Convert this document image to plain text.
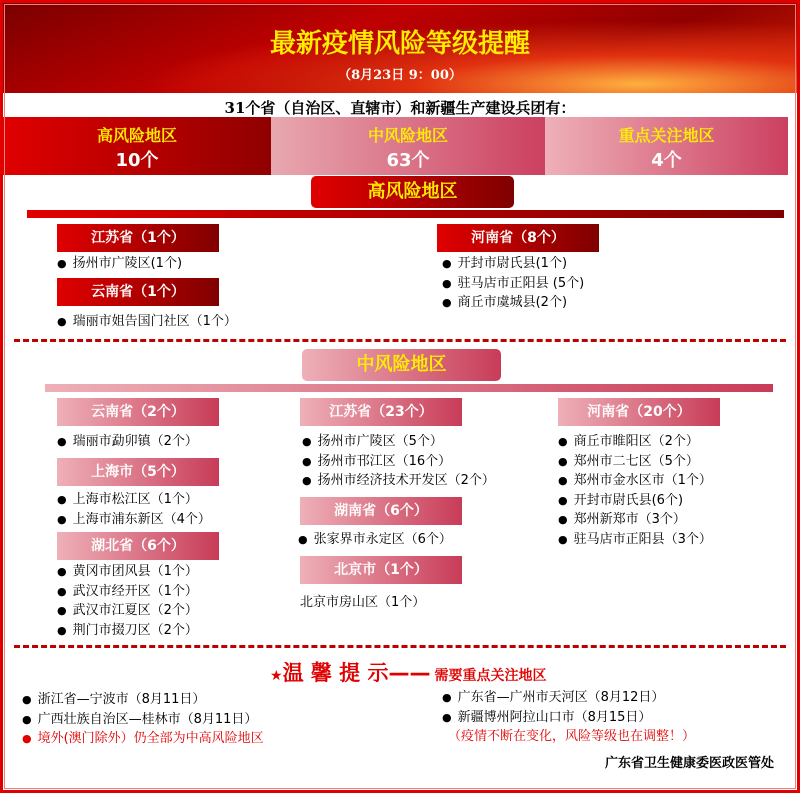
最新疫情风险等级提醒
（8月23日 9：00）
31个省（自治区、直辖市）和新疆生产建设兵团有：
高风险地区
10个
中风险地区
63个
重点关注地区
4个
高风险地区
江苏省（1个）
● 扬州市广陵区(1个)
云南省（1个）
● 瑞丽市姐告国门社区（1个）
河南省（8个）
● 开封市尉氏县(1个)
● 驻马店市正阳县 (5个)
● 商丘市虞城县(2个)
中风险地区
云南省（2个）
● 瑞丽市勐卯镇（2个）
上海市（5个）
● 上海市松江区（1个）
● 上海市浦东新区（4个）
湖北省（6个）
● 黄冈市团风县（1个）
● 武汉市经开区（1个）
● 武汉市江夏区（2个）
● 荆门市掇刀区（2个）
江苏省（23个）
● 扬州市广陵区（5个）
● 扬州市邗江区（16个）
● 扬州市经济技术开发区（2个）
湖南省（6个）
● 张家界市永定区（6个）
北京市（1个）
北京市房山区（1个）
河南省（20个）
● 商丘市睢阳区（2个）
● 郑州市二七区（5个）
● 郑州市金水区市（1个）
● 开封市尉氏县(6个)
● 郑州新郑市（3个）
● 驻马店市正阳县（3个）
★温 馨 提 示—— 需要重点关注地区
● 浙江省—宁波市（8月11日）
● 广西壮族自治区—桂林市（8月11日）
● 境外(澳门除外）仍全部为中高风险地区
● 广东省—广州市天河区（8月12日）
● 新疆博州阿拉山口市（8月15日）
（疫情不断在变化，风险等级也在调整！）
广东省卫生健康委医政医管处
